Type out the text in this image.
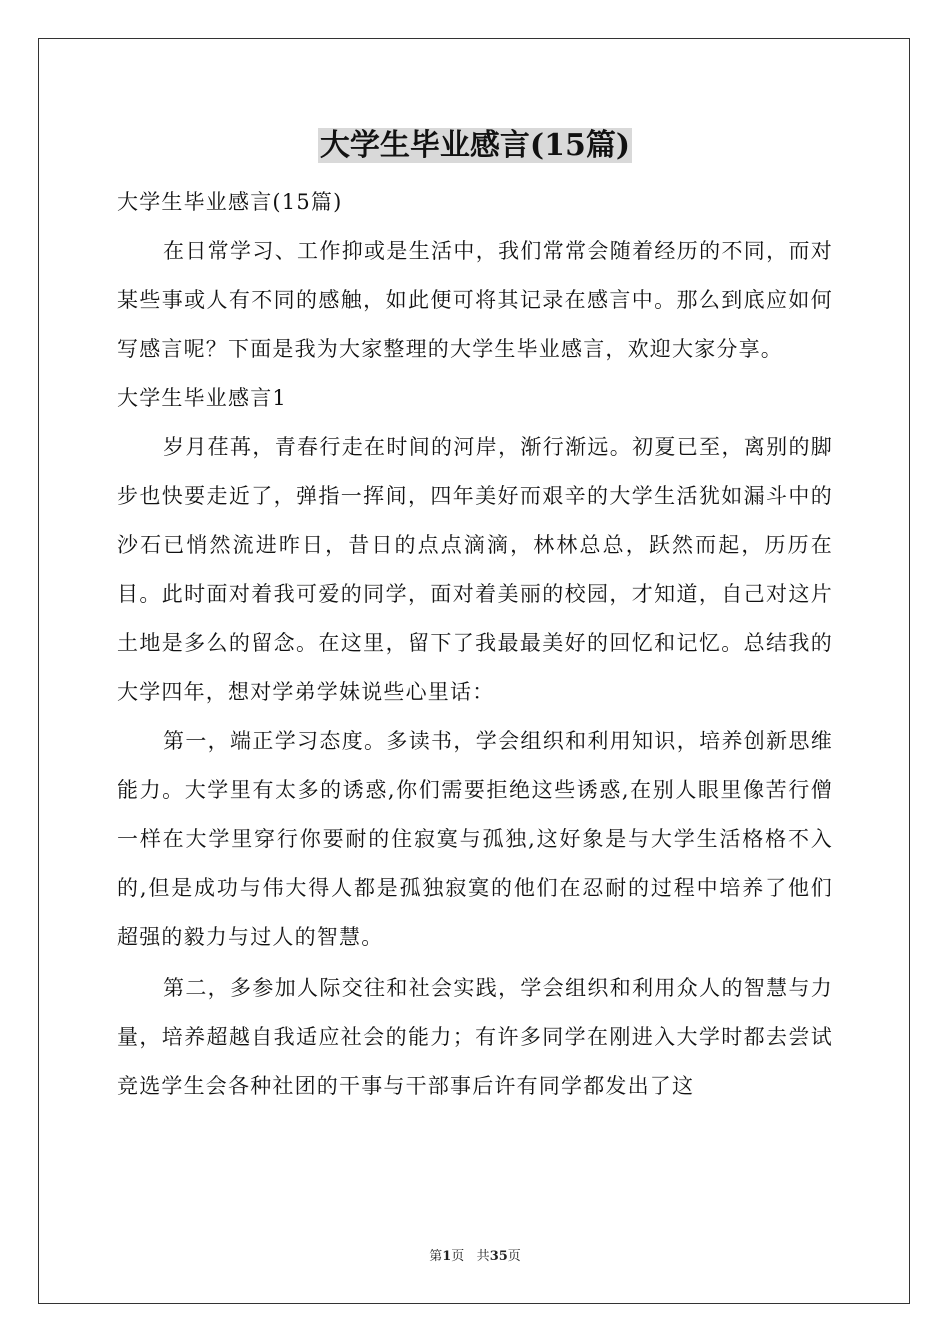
大学生毕业感言(15篇)

大学生毕业感言(15篇)

在日常学习、工作抑或是生活中，我们常常会随着经历的不同，而对某些事或人有不同的感触，如此便可将其记录在感言中。那么到底应如何写感言呢？下面是我为大家整理的大学生毕业感言，欢迎大家分享。

大学生毕业感言1

岁月荏苒，青春行走在时间的河岸，渐行渐远。初夏已至，离别的脚步也快要走近了，弹指一挥间，四年美好而艰辛的大学生活犹如漏斗中的沙石已悄然流进昨日，昔日的点点滴滴，林林总总，跃然而起，历历在目。此时面对着我可爱的同学，面对着美丽的校园，才知道，自己对这片土地是多么的留念。在这里，留下了我最最美好的回忆和记忆。总结我的大学四年，想对学弟学妹说些心里话：

第一，端正学习态度。多读书，学会组织和利用知识，培养创新思维能力。大学里有太多的诱惑,你们需要拒绝这些诱惑,在别人眼里像苦行僧一样在大学里穿行你要耐的住寂寞与孤独,这好象是与大学生活格格不入的,但是成功与伟大得人都是孤独寂寞的他们在忍耐的过程中培养了他们超强的毅力与过人的智慧。

第二，多参加人际交往和社会实践，学会组织和利用众人的智慧与力量，培养超越自我适应社会的能力；有许多同学在刚进入大学时都去尝试竞选学生会各种社团的干事与干部事后许有同学都发出了这

第1页 共35页
